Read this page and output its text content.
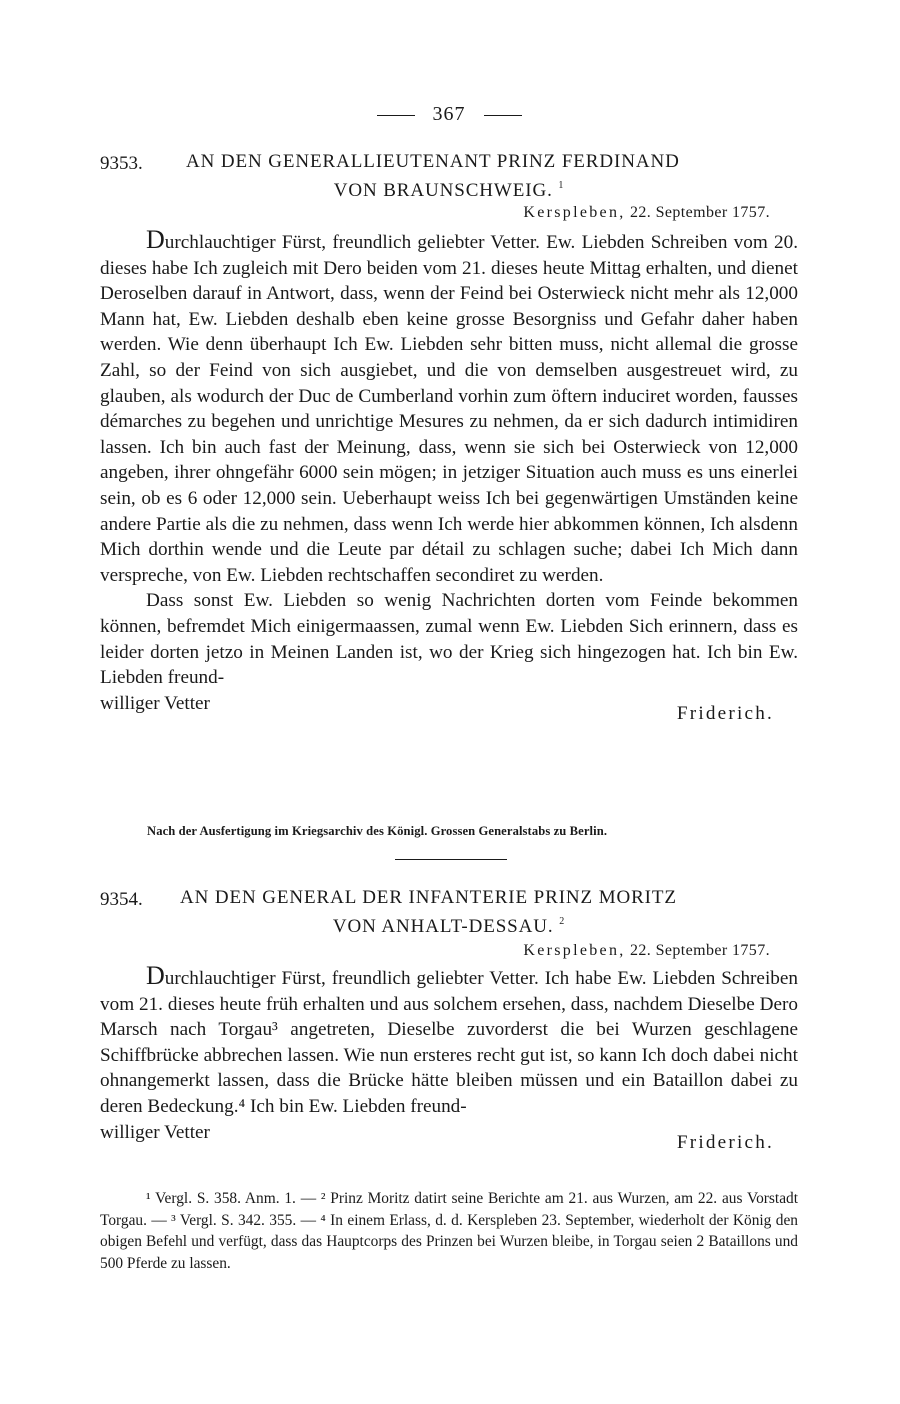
367
9353. AN DEN GENERALLIEUTENANT PRINZ FERDINAND
VON BRAUNSCHWEIG. $^1$
Kerspleben, 22. September 1757.

Durchlauchtiger Fürst, freundlich geliebter Vetter. Ew. Liebden Schreiben vom 20. dieses habe Ich zugleich mit Dero beiden vom 21. dieses heute Mittag erhalten, und dienet Deroselben darauf in Antwort, dass, wenn der Feind bei Osterwieck nicht mehr als 12,000 Mann hat, Ew. Liebden deshalb eben keine grosse Besorgniss und Gefahr daher haben werden. Wie denn überhaupt Ich Ew. Liebden sehr bitten muss, nicht allemal die grosse Zahl, so der Feind von sich ausgiebet, und die von demselben ausgestreuet wird, zu glauben, als wodurch der Duc de Cumberland vorhin zum öftern induciret worden, fausses démarches zu begehen und unrichtige Mesures zu nehmen, da er sich dadurch intimidiren lassen. Ich bin auch fast der Meinung, dass, wenn sie sich bei Osterwieck von 12,000 angeben, ihrer ohngefähr 6000 sein mögen; in jetziger Situation auch muss es uns einerlei sein, ob es 6 oder 12,000 sein. Ueberhaupt weiss Ich bei gegenwärtigen Umständen keine andere Partie als die zu nehmen, dass wenn Ich werde hier abkommen können, Ich alsdenn Mich dorthin wende und die Leute par détail zu schlagen suche; dabei Ich Mich dann verspreche, von Ew. Liebden rechtschaffen secondiret zu werden.

Dass sonst Ew. Liebden so wenig Nachrichten dorten vom Feinde bekommen können, befremdet Mich einigermaassen, zumal wenn Ew. Liebden Sich erinnern, dass es leider dorten jetzo in Meinen Landen ist, wo der Krieg sich hingezogen hat. Ich bin Ew. Liebden freund-

williger Vetter	Friderich.
Nach der Ausfertigung im Kriegsarchiv des Königl. Grossen Generalstabs zu Berlin.
9354. AN DEN GENERAL DER INFANTERIE PRINZ MORITZ
VON ANHALT-DESSAU. $^2$
Kerspleben, 22. September 1757.

Durchlauchtiger Fürst, freundlich geliebter Vetter. Ich habe Ew. Liebden Schreiben vom 21. dieses heute früh erhalten und aus solchem ersehen, dass, nachdem Dieselbe Dero Marsch nach Torgau³ angetreten, Dieselbe zuvorderst die bei Wurzen geschlagene Schiffbrücke abbrechen lassen. Wie nun ersteres recht gut ist, so kann Ich doch dabei nicht ohnangemerkt lassen, dass die Brücke hätte bleiben müssen und ein Bataillon dabei zu deren Bedeckung.⁴ Ich bin Ew. Liebden freund-

williger Vetter	Friderich.

¹ Vergl. S. 358. Anm. 1. — ² Prinz Moritz datirt seine Berichte am 21. aus Wurzen, am 22. aus Vorstadt Torgau. — ³ Vergl. S. 342. 355. — ⁴ In einem Erlass, d. d. Kerspleben 23. September, wiederholt der König den obigen Befehl und verfügt, dass das Hauptcorps des Prinzen bei Wurzen bleibe, in Torgau seien 2 Bataillons und 500 Pferde zu lassen.
